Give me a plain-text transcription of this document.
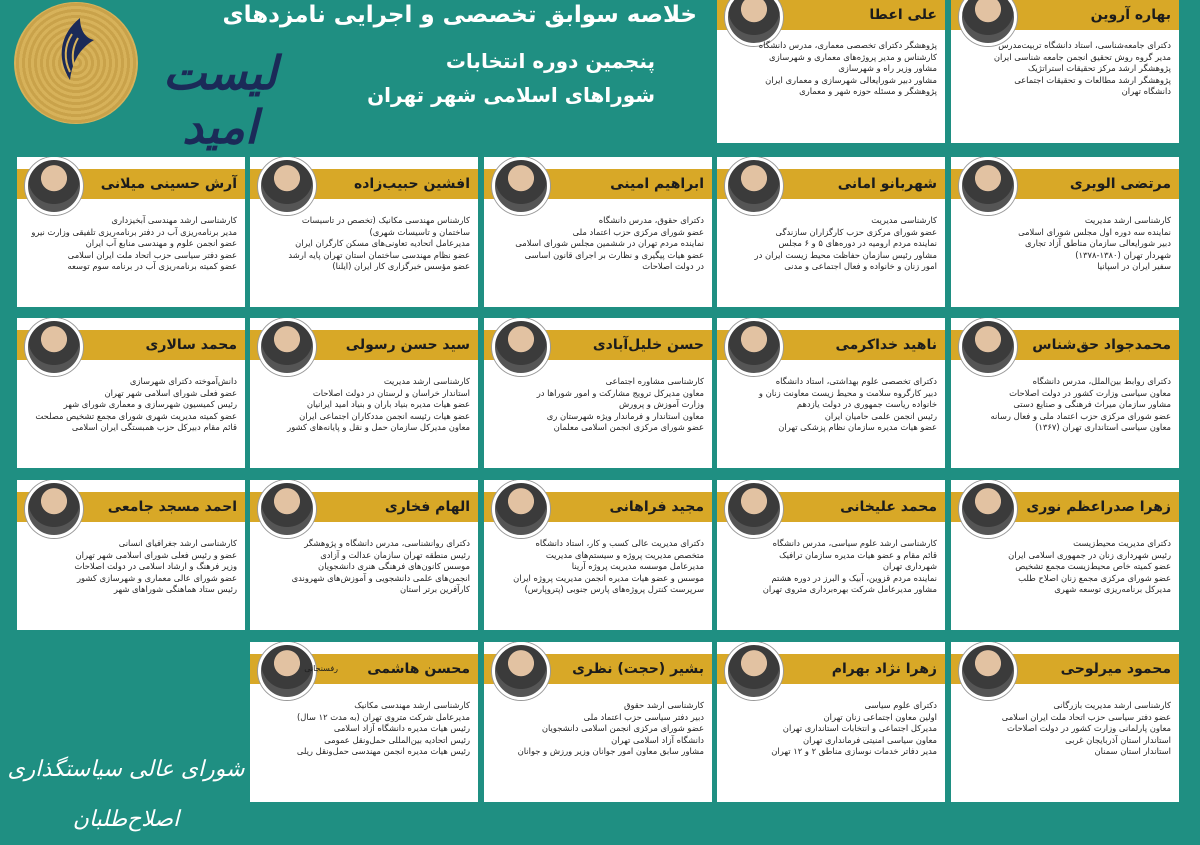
خلاصه سوابق تخصصی و اجرایی نامزدهای
پنجمین دوره انتخابات
شوراهای اسلامی شهر تهران
لیست امید
بهاره آروین
دکترای جامعه‌شناسی، استاد دانشگاه تربیت‌مدرس
مدیر گروه روش تحقیق انجمن جامعه شناسی ایران
پژوهشگر ارشد مرکز تحقیقات استراتژیک
پژوهشگر ارشد مطالعات و تحقیقات اجتماعی
دانشگاه تهران
علی اعطا
پژوهشگر دکترای تخصصی معماری، مدرس دانشگاه
کارشناس و مدیر پروژه‌های معماری و شهرسازی
مشاور وزیر راه و شهرسازی
مشاور دبیر شورایعالی شهرسازی و معماری ایران
پژوهشگر و مسئله حوزه شهر و معماری
مرتضی الویری
کارشناسی ارشد مدیریت
نماینده سه دوره اول مجلس شورای اسلامی
دبیر شورایعالی سازمان مناطق آزاد تجاری
شهردار تهران (۱۳۸۰-۱۳۷۸)
سفیر ایران در اسپانیا
شهربانو امانی
کارشناسی مدیریت
عضو شورای مرکزی حزب کارگزاران سازندگی
نماینده مردم ارومیه در دوره‌های ۵ و ۶ مجلس
مشاور رئیس سازمان حفاظت محیط زیست ایران در
امور زنان و خانواده و فعال اجتماعی و مدنی
ابراهیم امینی
دکترای حقوق، مدرس دانشگاه
عضو شورای مرکزی حزب اعتماد ملی
نماینده مردم تهران در ششمین مجلس شورای اسلامی
عضو هیات پیگیری و نظارت بر اجرای قانون اساسی
در دولت اصلاحات
افشین حبیب‌زاده
کارشناس مهندسی مکانیک (تخصص در تاسیسات
ساختمان و تاسیسات شهری)
مدیرعامل اتحادیه تعاونی‌های مسکن کارگران ایران
عضو نظام مهندسی ساختمان استان تهران پایه ارشد
عضو مؤسس خبرگزاری کار ایران (ایلنا)
آرش حسینی میلانی
کارشناسی ارشد مهندسی آبخیزداری
مدیر برنامه‌ریزی آب در دفتر برنامه‌ریزی تلفیقی وزارت نیرو
عضو انجمن علوم و مهندسی منابع آب ایران
عضو دفتر سیاسی حزب اتحاد ملت ایران اسلامی
عضو کمیته برنامه‌ریزی آب در برنامه سوم توسعه
محمدجواد حق‌شناس
دکترای روابط بین‌الملل، مدرس دانشگاه
معاون سیاسی وزارت کشور در دولت اصلاحات
مشاور سازمان میراث فرهنگی و صنایع دستی
عضو شورای مرکزی حزب اعتماد ملی و فعال رسانه
معاون سیاسی استانداری تهران (۱۳۶۷)
ناهید خداکرمی
دکترای تخصصی علوم بهداشتی، استاد دانشگاه
دبیر کارگروه سلامت و محیط زیست معاونت زنان و
خانواده ریاست جمهوری در دولت یازدهم
رئیس انجمن علمی حامیان ایران
عضو هیات مدیره سازمان نظام پزشکی تهران
حسن خلیل‌آبادی
کارشناسی مشاوره اجتماعی
معاون مدیرکل ترویج مشارکت و امور شوراها در
وزارت آموزش و پرورش
معاون استاندار و فرماندار ویژه شهرستان ری
عضو شورای مرکزی انجمن اسلامی معلمان
سید حسن رسولی
کارشناسی ارشد مدیریت
استاندار خراسان و لرستان در دولت اصلاحات
عضو هیات مدیره بنیاد باران و بنیاد امید ایرانیان
عضو هیات رئیسه انجمن مددکاران اجتماعی ایران
معاون مدیرکل سازمان حمل و نقل و پایانه‌های کشور
محمد سالاری
دانش‌آموخته دکترای شهرسازی
عضو فعلی شورای اسلامی شهر تهران
رئیس کمیسیون شهرسازی و معماری شورای شهر
عضو کمیته مدیریت شهری شورای مجمع تشخیص مصلحت
قائم مقام دبیرکل حزب همبستگی ایران اسلامی
زهرا صدراعظم نوری
دکترای مدیریت محیط‌زیست
رئیس شهرداری زنان در جمهوری اسلامی ایران
عضو کمیته خاص محیط‌زیست مجمع تشخیص
عضو شورای مرکزی مجمع زنان اصلاح طلب
مدیرکل برنامه‌ریزی توسعه شهری
محمد علیخانی
کارشناسی ارشد علوم سیاسی، مدرس دانشگاه
قائم مقام و عضو هیات مدیره سازمان ترافیک
شهرداری تهران
نماینده مردم قزوین، آبیک و البرز در دوره هشتم
مشاور مدیرعامل شرکت بهره‌برداری متروی تهران
مجید فراهانی
دکترای مدیریت عالی کسب و کار، استاد دانشگاه
متخصص مدیریت پروژه و سیستم‌های مدیریت
مدیرعامل موسسه مدیریت پروژه آرینا
موسس و عضو هیات مدیره انجمن مدیریت پروژه ایران
سرپرست کنترل پروژه‌های پارس جنوبی (پتروپارس)
الهام فخاری
دکترای روانشناسی، مدرس دانشگاه و پژوهشگر
رئیس منطقه تهران سازمان عدالت و آزادی
موسس کانون‌های فرهنگی هنری دانشجویان
انجمن‌های علمی دانشجویی و آموزش‌های شهروندی
کارآفرین برتر استان
احمد مسجد جامعی
کارشناسی ارشد جغرافیای انسانی
عضو و رئیس فعلی شورای اسلامی شهر تهران
وزیر فرهنگ و ارشاد اسلامی در دولت اصلاحات
عضو شورای عالی معماری و شهرسازی کشور
رئیس ستاد هماهنگی شوراهای شهر
محمود میرلوحی
کارشناسی ارشد مدیریت بازرگانی
عضو دفتر سیاسی حزب اتحاد ملت ایران اسلامی
معاون پارلمانی وزارت کشور در دولت اصلاحات
استاندار استان آذربایجان غربی
استاندار استان سمنان
زهرا نژاد بهرام
دکترای علوم سیاسی
اولین معاون اجتماعی زنان تهران
مدیرکل اجتماعی و انتخابات استانداری تهران
معاون سیاسی امنیتی فرمانداری تهران
مدیر دفاتر خدمات نوسازی مناطق ۲ و ۱۲ تهران
بشیر (حجت) نظری
کارشناسی ارشد حقوق
دبیر دفتر سیاسی حزب اعتماد ملی
عضو شورای مرکزی انجمن اسلامی دانشجویان
دانشگاه آزاد اسلامی تهران
مشاور سابق معاون امور جوانان وزیر ورزش و جوانان
محسن هاشمی
رفسنجانی
کارشناسی ارشد مهندسی مکانیک
مدیرعامل شرکت متروی تهران (به مدت ۱۲ سال)
رئیس هیات مدیره دانشگاه آزاد اسلامی
رئیس اتحادیه بین‌المللی حمل‌ونقل عمومی
رئیس هیات مدیره انجمن مهندسی حمل‌ونقل ریلی
شورای عالی سیاستگذاری اصلاح‌طلبان
